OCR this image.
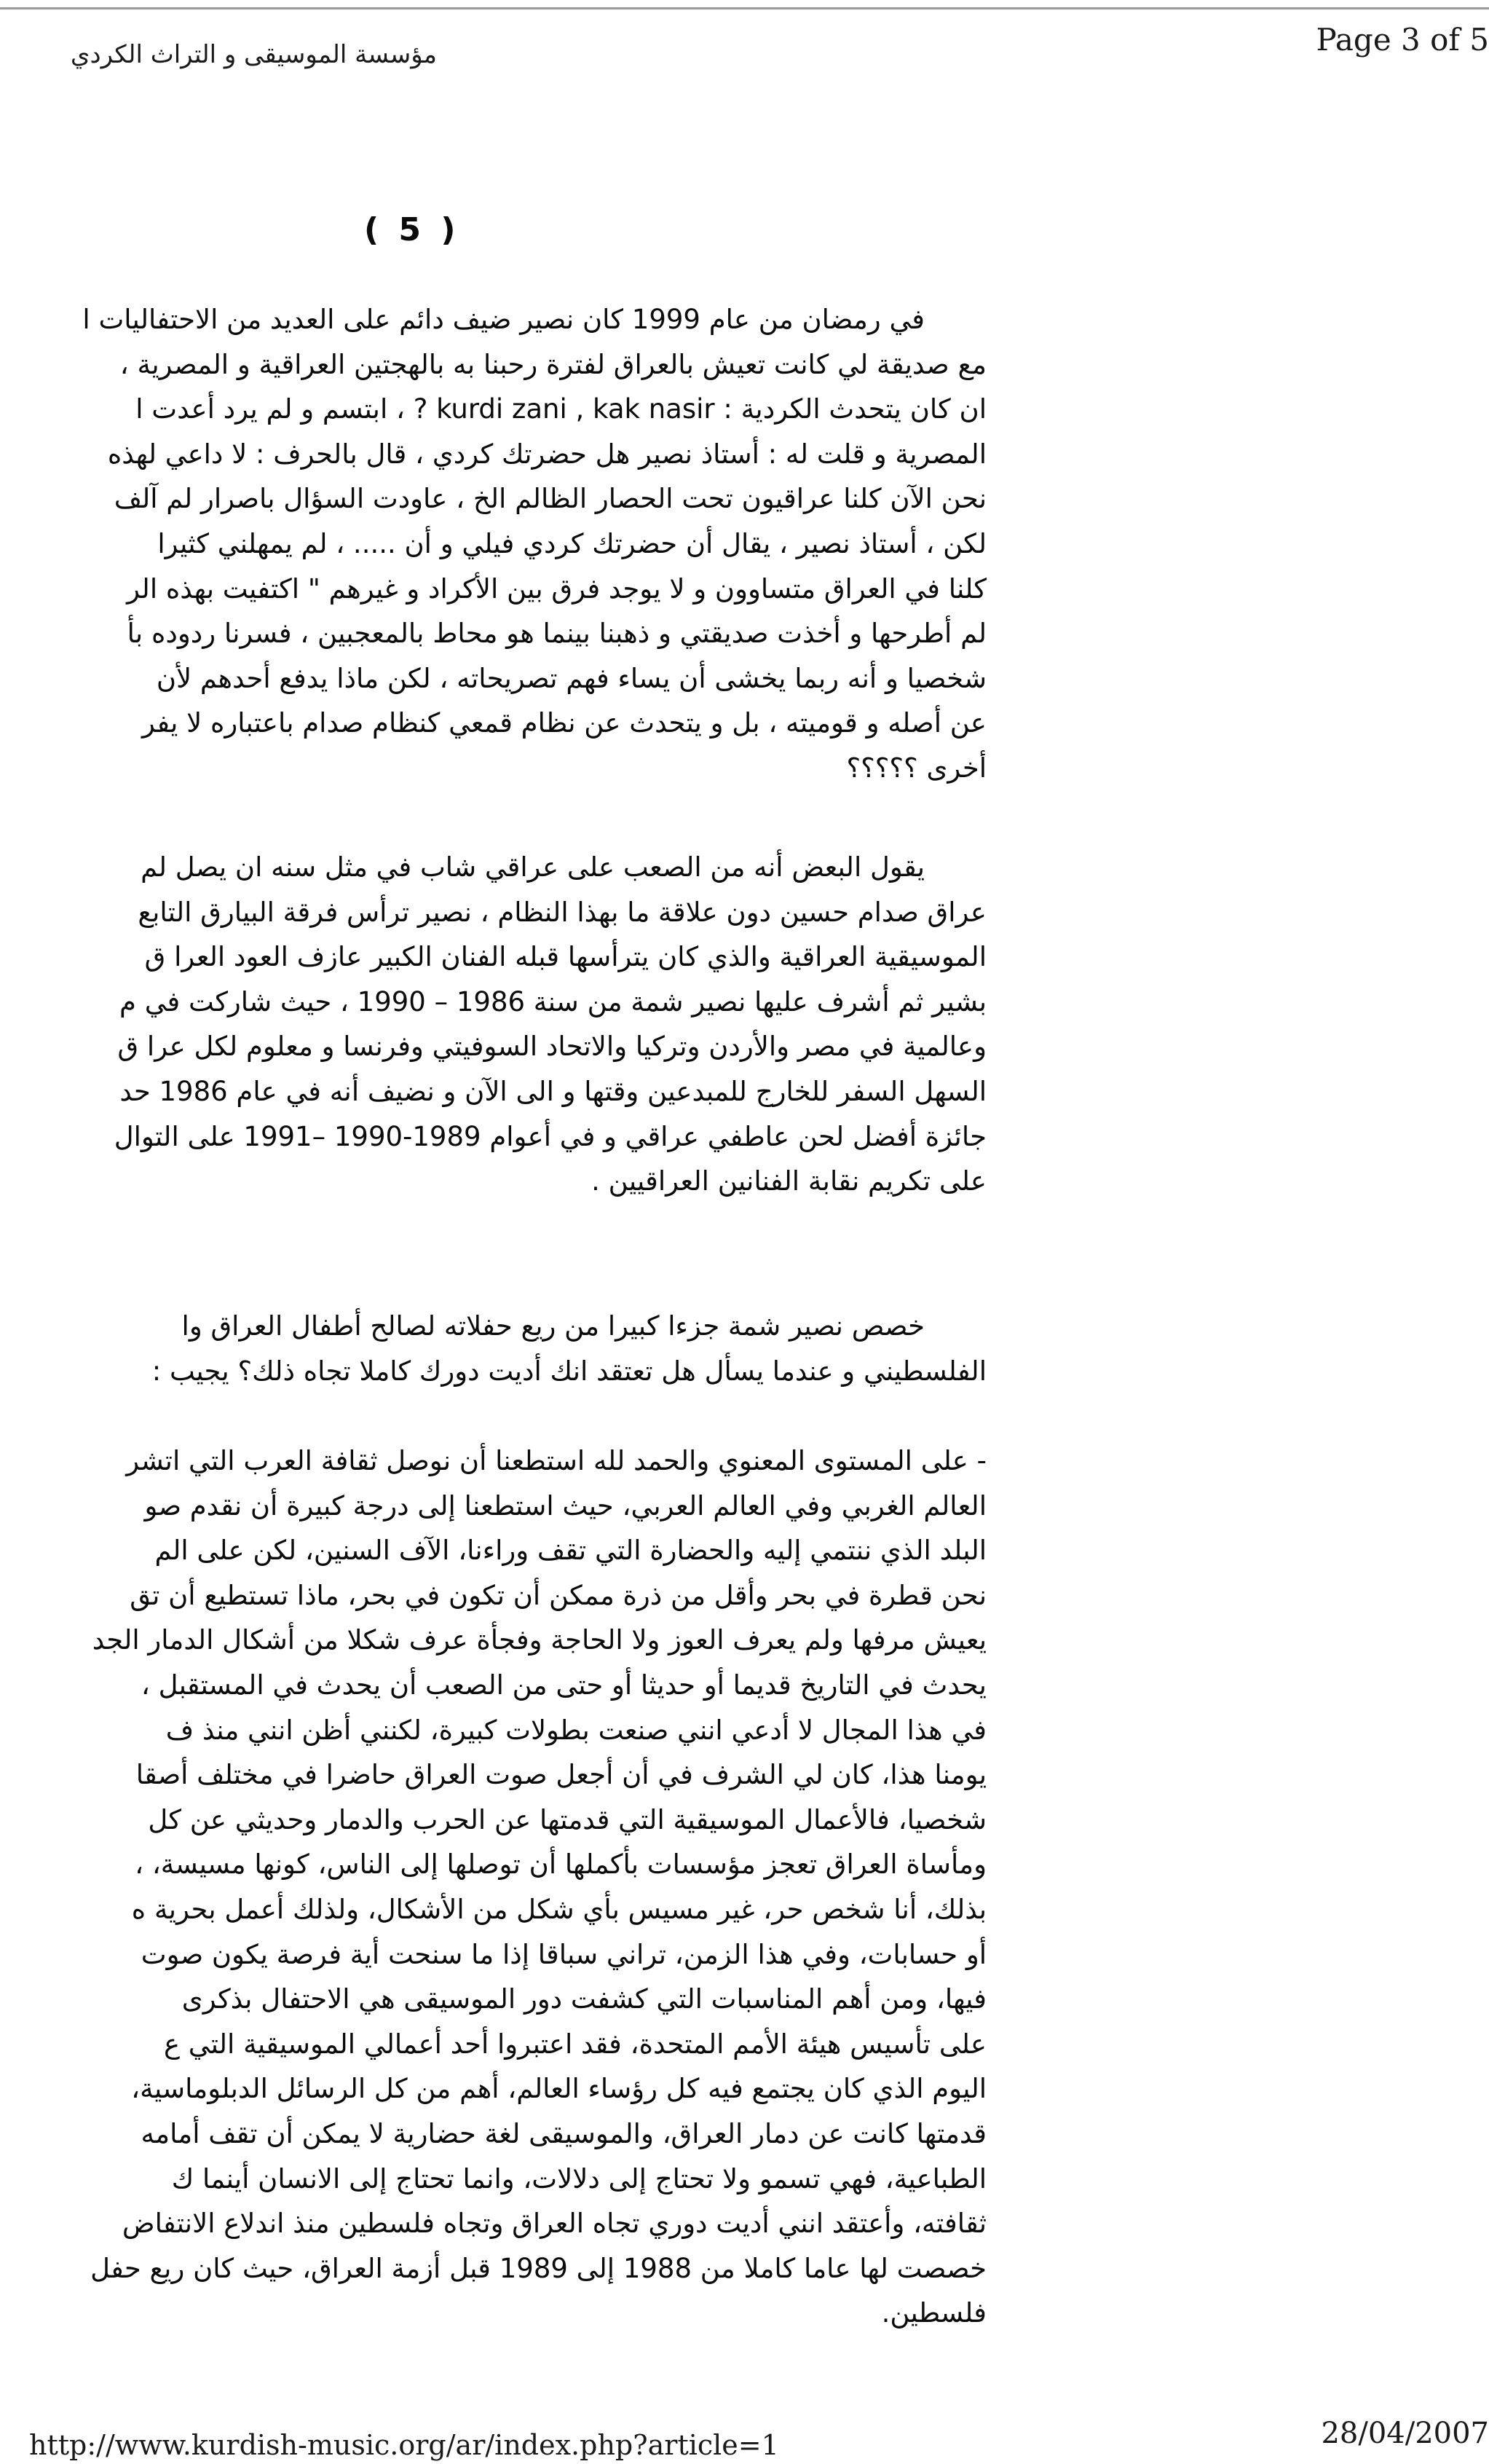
مؤسسة الموسيقى و التراث الكردي	Page 3 of 5
( 5 )
في رمضان من عام 1999 كان نصير ضيف دائم على العديد من الاحتفاليات ا
مع صديقة لي كانت تعيش بالعراق لفترة رحبنا به بالهجتين العراقية و المصرية ،
ان كان يتحدث الكردية : kurdi zani , kak nasir ? ، ابتسم و لم يرد أعدت ا
المصرية و قلت له : أستاذ نصير هل حضرتك كردي ، قال بالحرف : لا داعي لهذه
نحن الآن كلنا عراقيون تحت الحصار الظالم الخ ، عاودت السؤال باصرار لم آلف
لكن ، أستاذ نصير ، يقال أن حضرتك كردي فيلي و أن ..... ، لم يمهلني كثيرا
كلنا في العراق متساوون و لا يوجد فرق بين الأكراد و غيرهم " اكتفيت بهذه الر
لم أطرحها و أخذت صديقتي و ذهبنا بينما هو محاط بالمعجبين ، فسرنا ردوده بأ
شخصيا و أنه ربما يخشى أن يساء فهم تصريحاته ، لكن ماذا يدفع أحدهم لأن
عن أصله و قوميته ، بل و يتحدث عن نظام قمعي كنظام صدام باعتباره لا يفر
أخرى ؟؟؟؟؟
يقول البعض أنه من الصعب على عراقي شاب في مثل سنه ان يصل لم
عراق صدام حسين دون علاقة ما بهذا النظام ، نصير ترأس فرقة البيارق التابع
الموسيقية العراقية والذي كان يترأسها قبله الفنان الكبير عازف العود العرا ق
بشير ثم أشرف عليها نصير شمة من سنة 1986 – 1990 ، حيث شاركت في م
وعالمية في مصر والأردن وتركيا والاتحاد السوفيتي وفرنسا و معلوم لكل عرا ق
السهل السفر للخارج للمبدعين وقتها و الى الآن و نضيف أنه في عام 1986 حد
جائزة أفضل لحن عاطفي عراقي و في أعوام 1989-1990 –1991 على التوال
على تكريم نقابة الفنانين العراقيين .
خصص نصير شمة جزءا كبيرا من ريع حفلاته لصالح أطفال العراق وا
الفلسطيني و عندما يسأل هل تعتقد انك أديت دورك كاملا تجاه ذلك؟ يجيب :
- على المستوى المعنوي والحمد لله استطعنا أن نوصل ثقافة العرب التي اتشر
العالم الغربي وفي العالم العربي، حيث استطعنا إلى درجة كبيرة أن نقدم صو
البلد الذي ننتمي إليه والحضارة التي تقف وراءنا، الآف السنين، لكن على الم
نحن قطرة في بحر وأقل من ذرة ممكن أن تكون في بحر، ماذا تستطيع أن تق
يعيش مرفها ولم يعرف العوز ولا الحاجة وفجأة عرف شكلا من أشكال الدمار الجد
يحدث في التاريخ قديما أو حديثا أو حتى من الصعب أن يحدث في المستقبل ،
في هذا المجال لا أدعي انني صنعت بطولات كبيرة، لكنني أظن انني منذ ف
يومنا هذا، كان لي الشرف في أن أجعل صوت العراق حاضرا في مختلف أصقا
شخصيا، فالأعمال الموسيقية التي قدمتها عن الحرب والدمار وحديثي عن كل
ومأساة العراق تعجز مؤسسات بأكملها أن توصلها إلى الناس، كونها مسيسة، ،
بذلك، أنا شخص حر، غير مسيس بأي شكل من الأشكال، ولذلك أعمل بحرية ه
أو حسابات، وفي هذا الزمن، تراني سباقا إذا ما سنحت أية فرصة يكون صوت
فيها، ومن أهم المناسبات التي كشفت دور الموسيقى هي الاحتفال بذكرى
على تأسيس هيئة الأمم المتحدة، فقد اعتبروا أحد أعمالي الموسيقية التي ع
اليوم الذي كان يجتمع فيه كل رؤساء العالم، أهم من كل الرسائل الدبلوماسية،
قدمتها كانت عن دمار العراق، والموسيقى لغة حضارية لا يمكن أن تقف أمامه
الطباعية، فهي تسمو ولا تحتاج إلى دلالات، وانما تحتاج إلى الانسان أينما ك
ثقافته، وأعتقد انني أديت دوري تجاه العراق وتجاه فلسطين منذ اندلاع الانتفاض
خصصت لها عاما كاملا من 1988 إلى 1989 قبل أزمة العراق، حيث كان ريع حفل
فلسطين.
http://www.kurdish-music.org/ar/index.php?article=1	28/04/2007
